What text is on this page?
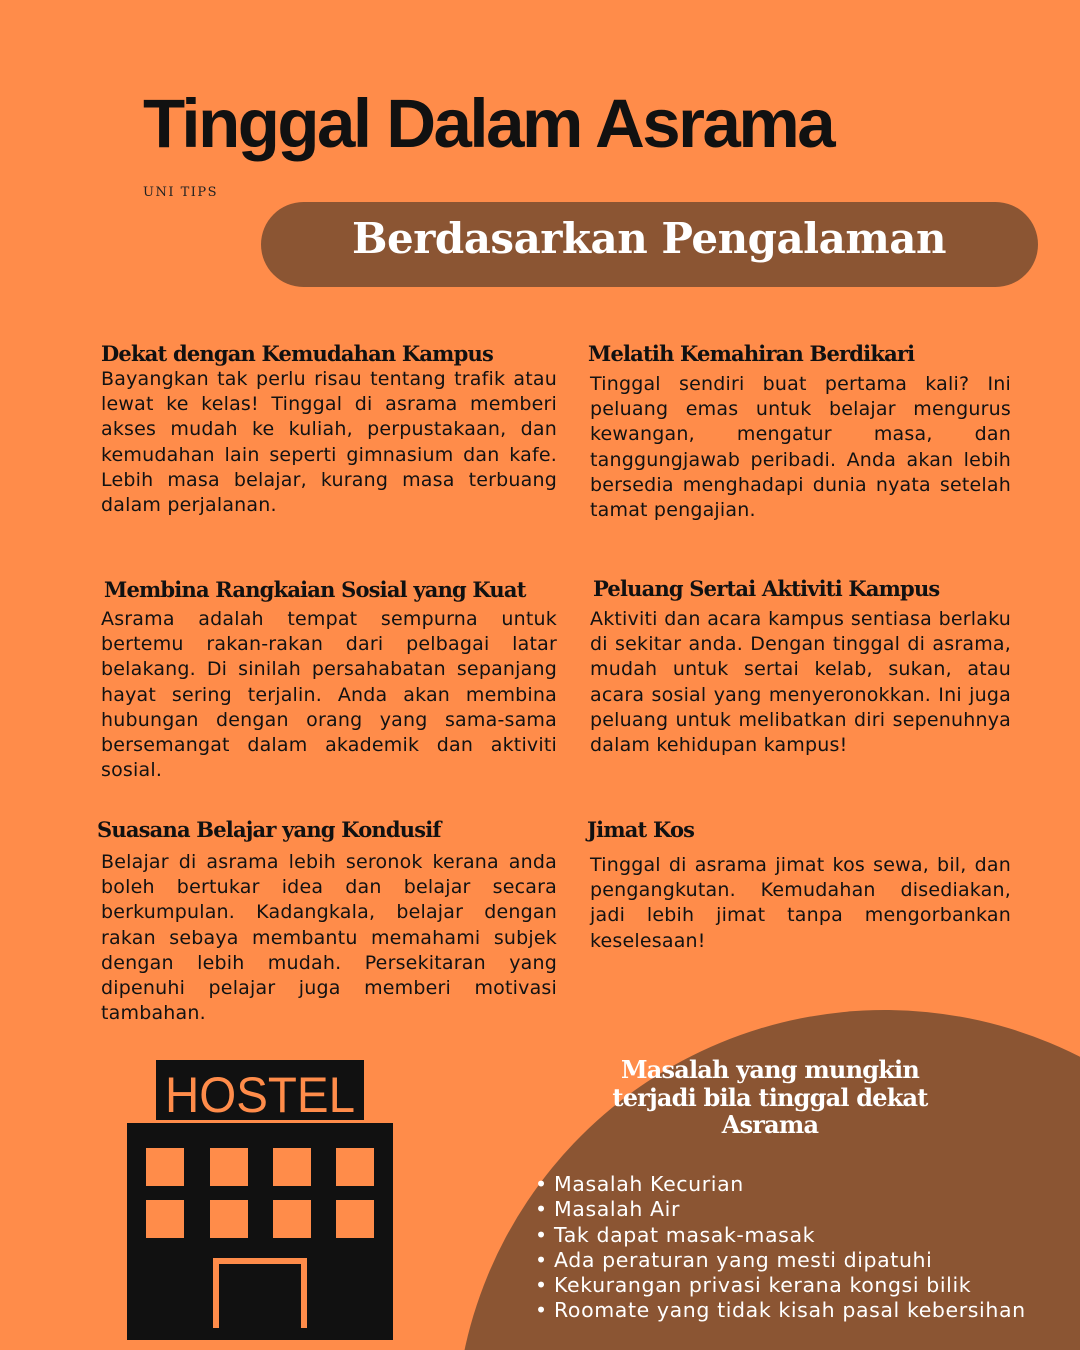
Tinggal Dalam Asrama
UNI TIPS
Berdasarkan Pengalaman
Dekat dengan Kemudahan Kampus
Bayangkan tak perlu risau tentang trafik atau lewat ke kelas! Tinggal di asrama memberi akses mudah ke kuliah, perpustakaan, dan kemudahan lain seperti gimnasium dan kafe. Lebih masa belajar, kurang masa terbuang dalam perjalanan.
Melatih Kemahiran Berdikari
Tinggal sendiri buat pertama kali? Ini peluang emas untuk belajar mengurus kewangan, mengatur masa, dan tanggungjawab peribadi. Anda akan lebih bersedia menghadapi dunia nyata setelah tamat pengajian.
Membina Rangkaian Sosial yang Kuat
Asrama adalah tempat sempurna untuk bertemu rakan-rakan dari pelbagai latar belakang. Di sinilah persahabatan sepanjang hayat sering terjalin. Anda akan membina hubungan dengan orang yang sama-sama bersemangat dalam akademik dan aktiviti sosial.
Peluang Sertai Aktiviti Kampus
Aktiviti dan acara kampus sentiasa berlaku di sekitar anda. Dengan tinggal di asrama, mudah untuk sertai kelab, sukan, atau acara sosial yang menyeronokkan. Ini juga peluang untuk melibatkan diri sepenuhnya dalam kehidupan kampus!
Suasana Belajar yang Kondusif
Belajar di asrama lebih seronok kerana anda boleh bertukar idea dan belajar secara berkumpulan. Kadangkala, belajar dengan rakan sebaya membantu memahami subjek dengan lebih mudah. Persekitaran yang dipenuhi pelajar juga memberi motivasi tambahan.
Jimat Kos
Tinggal di asrama jimat kos sewa, bil, dan pengangkutan. Kemudahan disediakan, jadi lebih jimat tanpa mengorbankan keselesaan!
HOSTEL	Masalah yang mungkin terjadi bila tinggal dekat Asrama
• Masalah Kecurian
• Masalah Air
• Tak dapat masak-masak
• Ada peraturan yang mesti dipatuhi
• Kekurangan privasi kerana kongsi bilik
• Roomate yang tidak kisah pasal kebersihan
